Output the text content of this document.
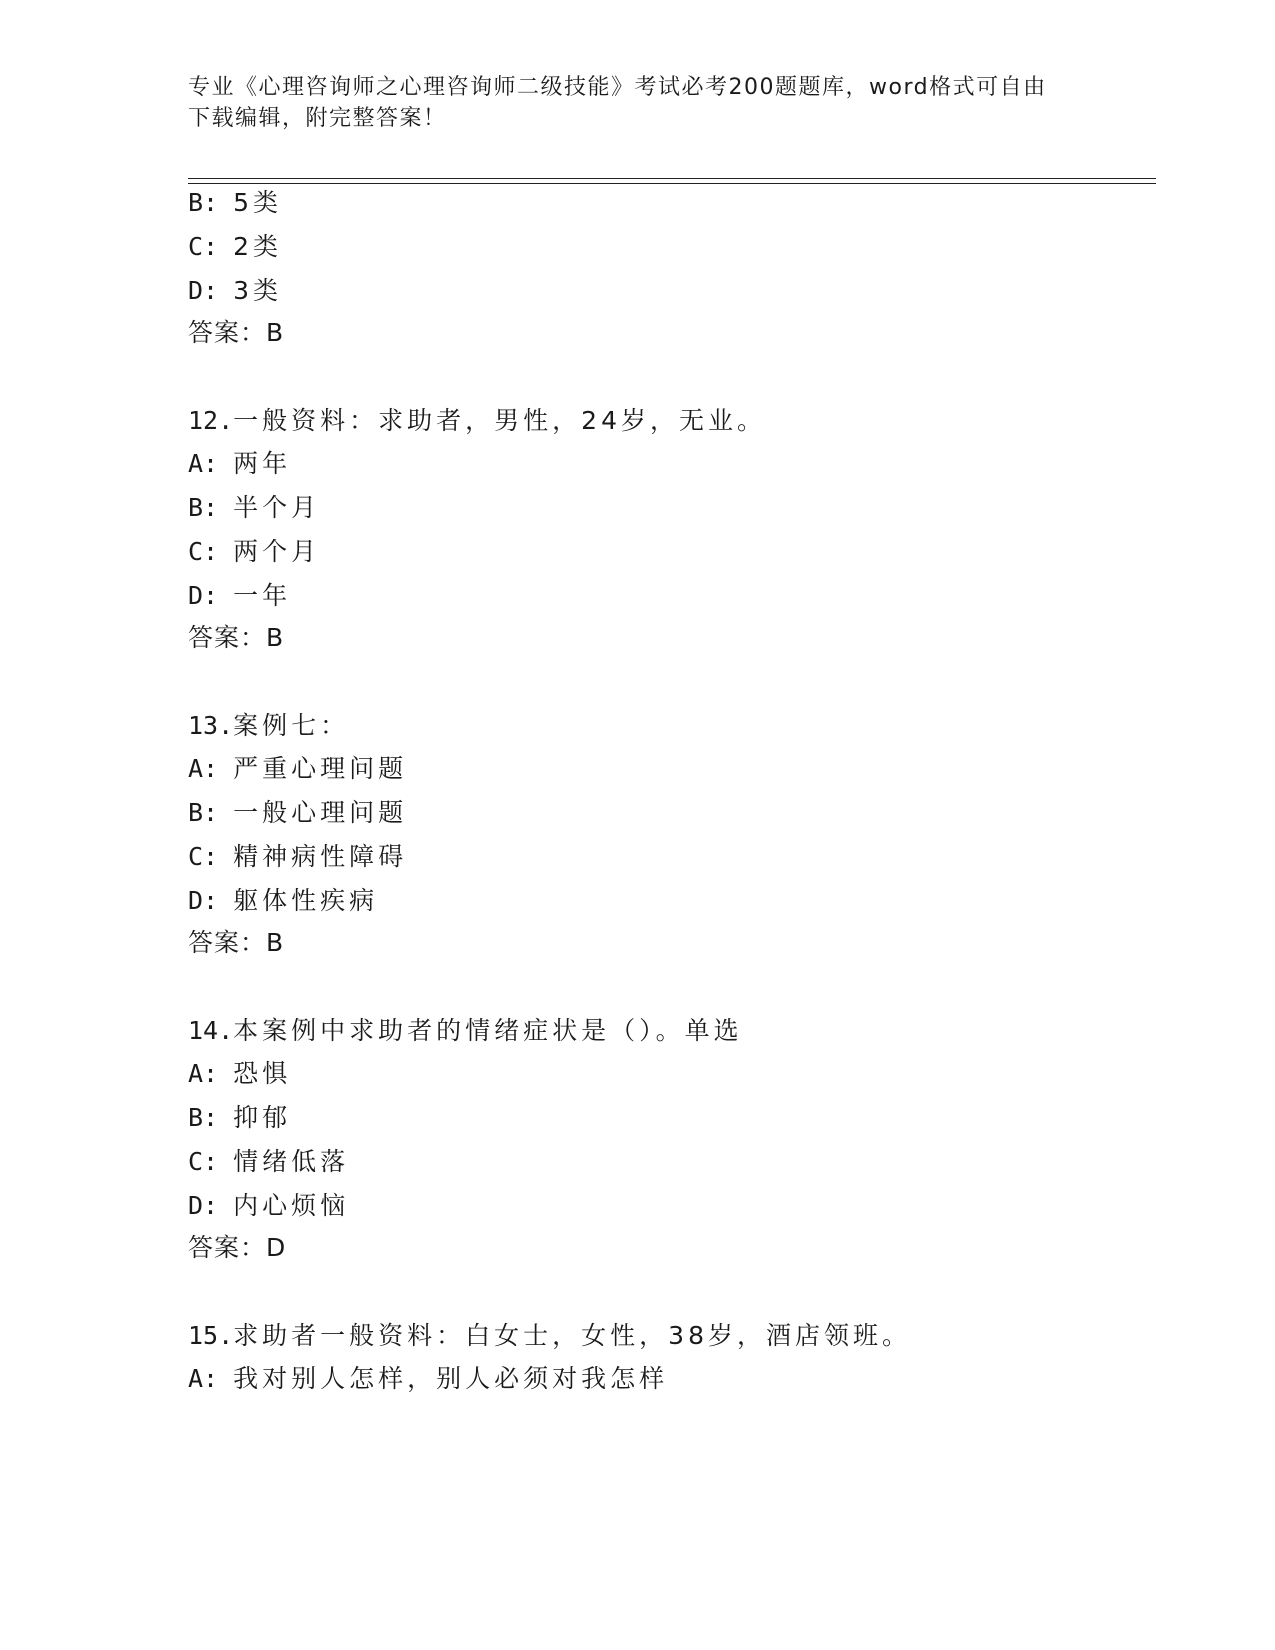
专业《心理咨询师之心理咨询师二级技能》考试必考200题题库，word格式可自由下载编辑，附完整答案！
B: 5类
C: 2类
D: 3类
答案：B
12.一般资料：求助者，男性，24岁，无业。
A: 两年
B: 半个月
C: 两个月
D: 一年
答案：B
13.案例七：
A: 严重心理问题
B: 一般心理问题
C: 精神病性障碍
D: 躯体性疾病
答案：B
14.本案例中求助者的情绪症状是（）。单选
A: 恐惧
B: 抑郁
C: 情绪低落
D: 内心烦恼
答案：D
15.求助者一般资料：白女士，女性，38岁，酒店领班。
A: 我对别人怎样，别人必须对我怎样
